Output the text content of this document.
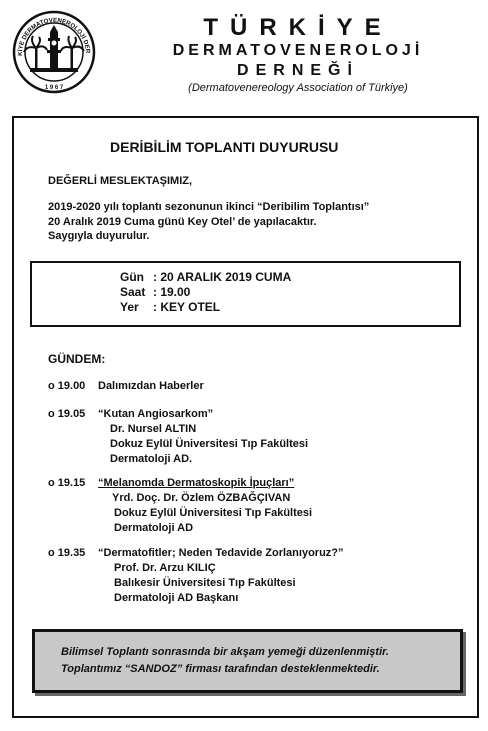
KİYE DERMATOVENEROLOJİ DER
1 9 6 7
TÜRKİYE
DERMATOVENEROLOJİ
DERNEĞİ
(Dermatovenereology Association of Türkiye)
DERİBİLİM TOPLANTI DUYURUSU
DEĞERLİ MESLEKTAŞIMIZ,
2019-2020 yılı toplantı sezonunun ikinci “Deribilim Toplantısı”
20 Aralık 2019 Cuma günü Key Otel’ de yapılacaktır.
Saygıyla duyurulur.
Gün : 20 ARALIK 2019 CUMA
Saat : 19.00
Yer : KEY OTEL
GÜNDEM:
o 19.00 Dalımızdan Haberler
o 19.05 “Kutan Angiosarkom”
Dr. Nursel ALTIN
Dokuz Eylül Üniversitesi Tıp Fakültesi
Dermatoloji AD.
o 19.15 “Melanomda Dermatoskopik İpuçları”
Yrd. Doç. Dr. Özlem ÖZBAĞÇIVAN
Dokuz Eylül Üniversitesi Tıp Fakültesi
Dermatoloji AD
o 19.35 “Dermatofitler; Neden Tedavide Zorlanıyoruz?”
Prof. Dr. Arzu KILIÇ
Balıkesir Üniversitesi Tıp Fakültesi
Dermatoloji AD Başkanı
Bilimsel Toplantı sonrasında bir akşam yemeği düzenlenmiştir.
Toplantımız “SANDOZ” firması tarafından desteklenmektedir.
